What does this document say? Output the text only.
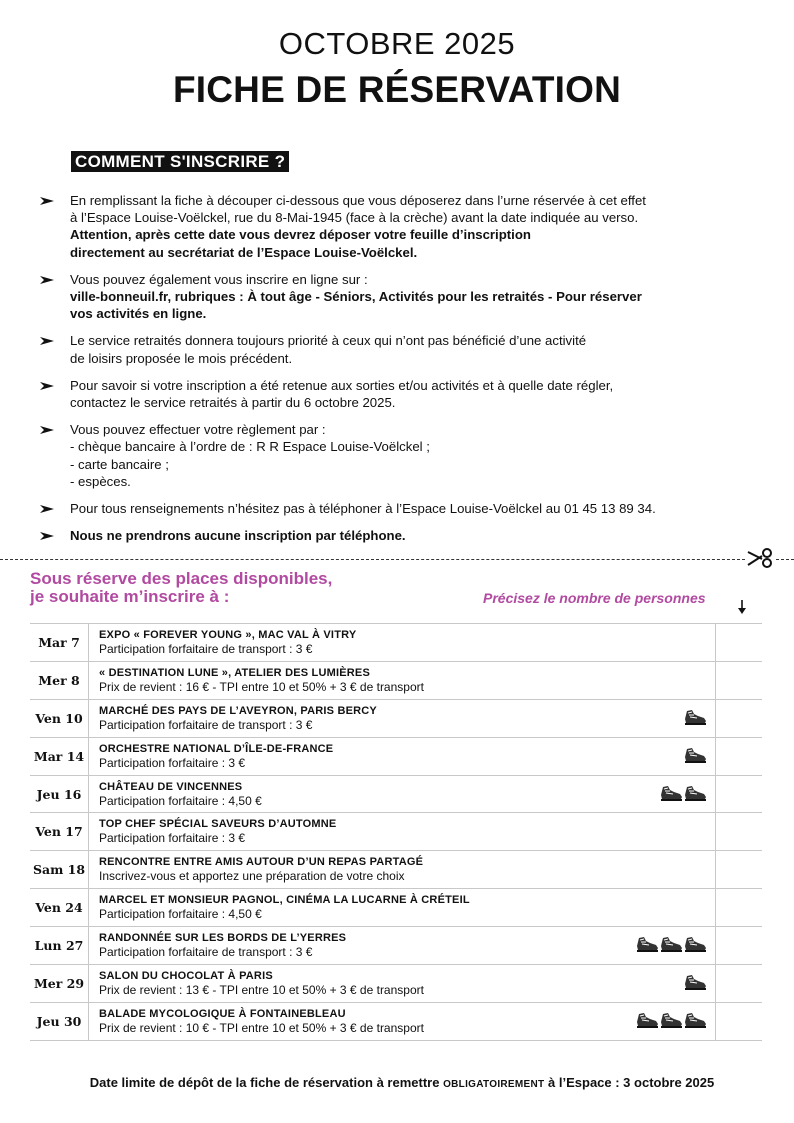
OCTOBRE 2025
FICHE DE RÉSERVATION
COMMENT S'INSCRIRE ?
En remplissant la fiche à découper ci-dessous que vous déposerez dans l’urne réservée à cet effet
à l’Espace Louise-Voëlckel, rue du 8-Mai-1945 (face à la crèche) avant la date indiquée au verso.
Attention, après cette date vous devrez déposer votre feuille d’inscription
directement au secrétariat de l’Espace Louise-Voëlckel.
Vous pouvez également vous inscrire en ligne sur :
ville-bonneuil.fr, rubriques : À tout âge - Séniors, Activités pour les retraités - Pour réserver
vos activités en ligne.
Le service retraités donnera toujours priorité à ceux qui n’ont pas bénéficié d’une activité
de loisirs proposée le mois précédent.
Pour savoir si votre inscription a été retenue aux sorties et/ou activités et à quelle date régler,
contactez le service retraités à partir du 6 octobre 2025.
Vous pouvez effectuer votre règlement par :
- chèque bancaire à l’ordre de : R R Espace Louise-Voëlckel ;
- carte bancaire ;
- espèces.
Pour tous renseignements n’hésitez pas à téléphoner à l’Espace Louise-Voëlckel au 01 45 13 89 34.
Nous ne prendrons aucune inscription par téléphone.
Sous réserve des places disponibles,
je souhaite m’inscrire à :	Précisez le nombre de personnes
Mar 7	EXPO « FOREVER YOUNG », MAC VAL À VITRY
Participation forfaitaire de transport : 3 €
Mer 8	« DESTINATION LUNE », ATELIER DES LUMIÈRES
Prix de revient : 16 € - TPI entre 10 et 50% + 3 € de transport
Ven 10	MARCHÉ DES PAYS DE L’AVEYRON, PARIS BERCY
Participation forfaitaire de transport : 3 €
Mar 14	ORCHESTRE NATIONAL D’ÎLE-DE-FRANCE
Participation forfaitaire : 3 €
Jeu 16	CHÂTEAU DE VINCENNES
Participation forfaitaire : 4,50 €
Ven 17	TOP CHEF SPÉCIAL SAVEURS D’AUTOMNE
Participation forfaitaire : 3 €
Sam 18	RENCONTRE ENTRE AMIS AUTOUR D’UN REPAS PARTAGÉ
Inscrivez-vous et apportez une préparation de votre choix
Ven 24	MARCEL ET MONSIEUR PAGNOL, CINÉMA LA LUCARNE À CRÉTEIL
Participation forfaitaire : 4,50 €
Lun 27	RANDONNÉE SUR LES BORDS DE L’YERRES
Participation forfaitaire de transport : 3 €
Mer 29	SALON DU CHOCOLAT À PARIS
Prix de revient : 13 € - TPI entre 10 et 50% + 3 € de transport
Jeu 30	BALADE MYCOLOGIQUE À FONTAINEBLEAU
Prix de revient : 10 € - TPI entre 10 et 50% + 3 € de transport
Date limite de dépôt de la fiche de réservation à remettre OBLIGATOIREMENT à l’Espace : 3 octobre 2025
